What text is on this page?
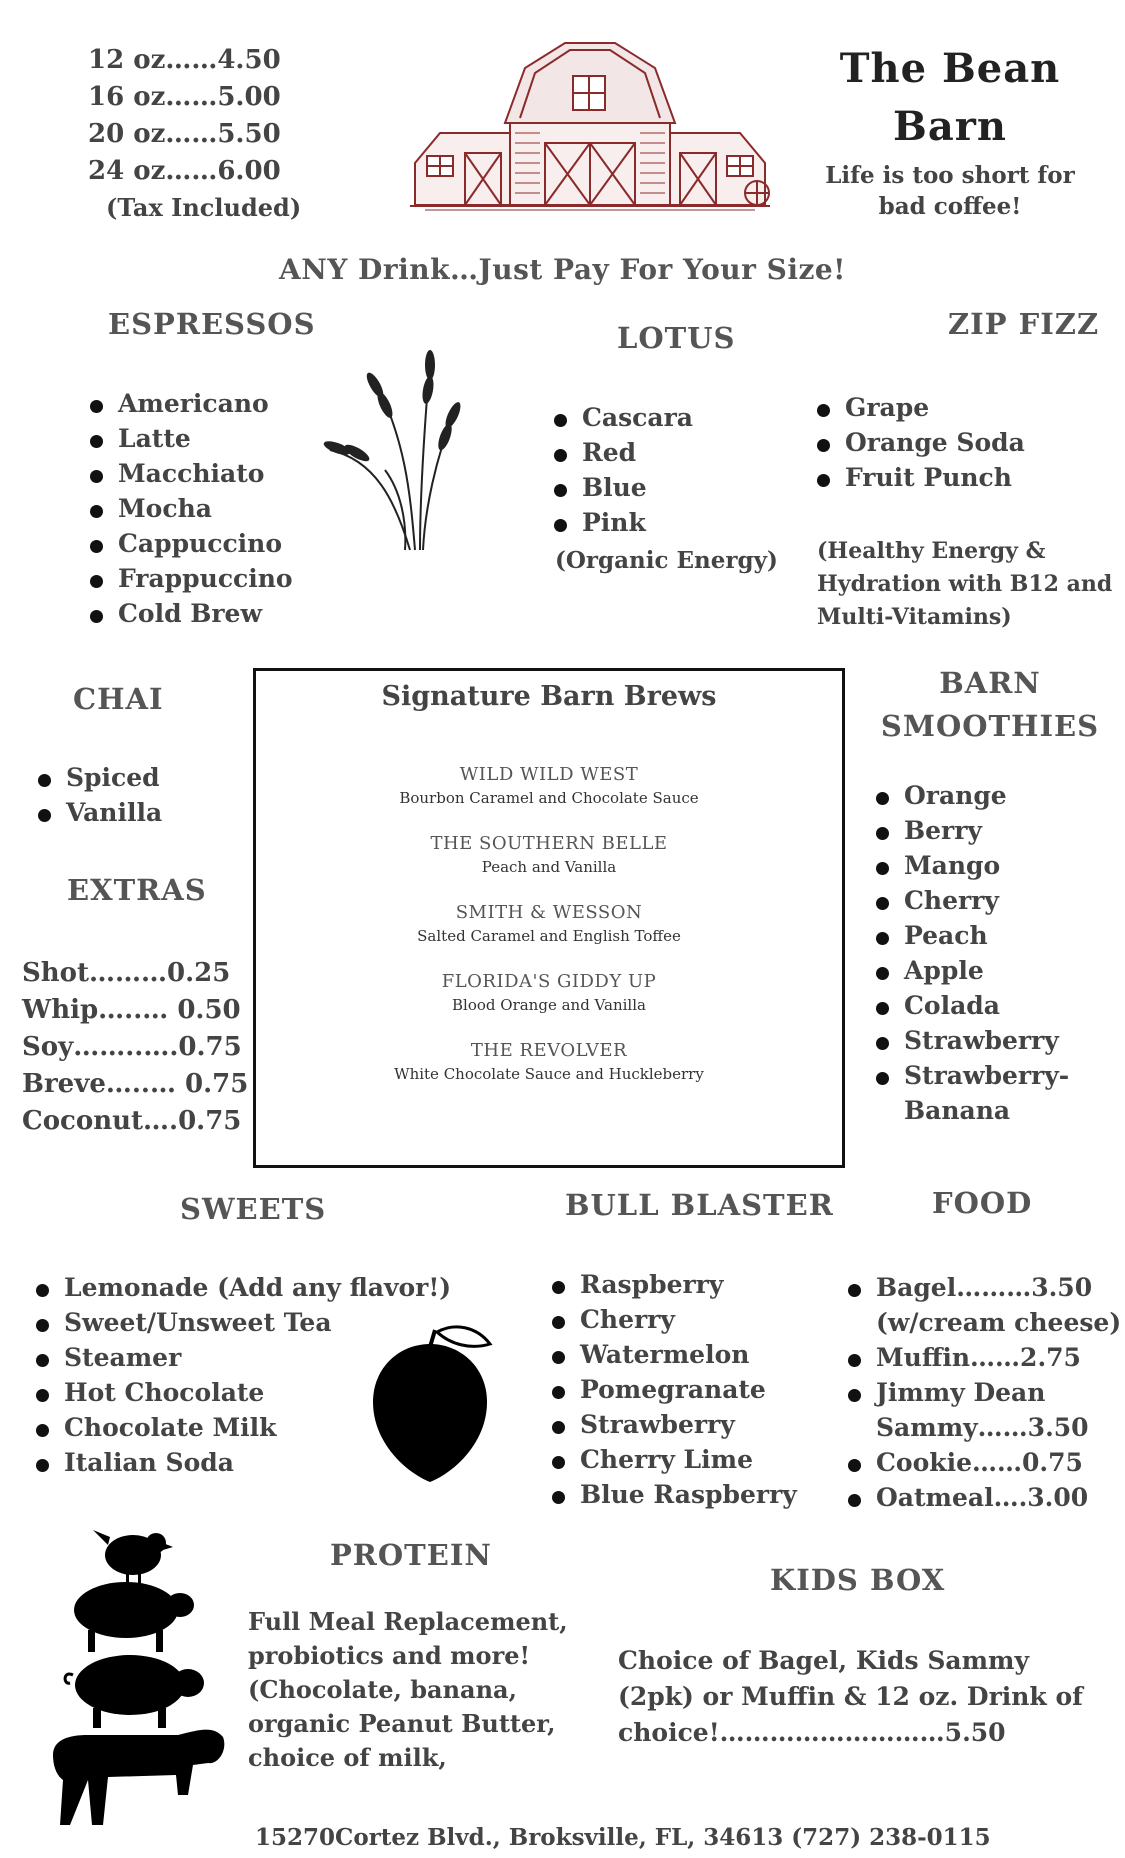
12 oz……4.50
16 oz……5.00
20 oz……5.50
24 oz……6.00
(Tax Included)
The Bean
Barn
Life is too short for bad coffee!
ANY Drink…Just Pay For Your Size!
ESPRESSOS
Americano
Latte
Macchiato
Mocha
Cappuccino
Frappuccino
Cold Brew
LOTUS
Cascara
Red
Blue
Pink
(Organic Energy)
ZIP FIZZ
Grape
Orange Soda
Fruit Punch
(Healthy Energy &
Hydration with B12 and
Multi-Vitamins)
CHAI
Spiced
Vanilla
EXTRAS
Shot………0.25
Whip…..… 0.50
Soy……..….0.75
Breve…..… 0.75
Coconut….0.75
Signature Barn Brews
WILD WILD WEST
Bourbon Caramel and Chocolate Sauce
THE SOUTHERN BELLE
Peach and Vanilla
SMITH & WESSON
Salted Caramel and English Toffee
FLORIDA'S GIDDY UP
Blood Orange and Vanilla
THE REVOLVER
White Chocolate Sauce and Huckleberry
BARN
SMOOTHIES
Orange
Berry
Mango
Cherry
Peach
Apple
Colada
Strawberry
Strawberry-
Banana
SWEETS
Lemonade (Add any flavor!)
Sweet/Unsweet Tea
Steamer
Hot Chocolate
Chocolate Milk
Italian Soda
BULL BLASTER
Raspberry
Cherry
Watermelon
Pomegranate
Strawberry
Cherry Lime
Blue Raspberry
FOOD
Bagel………3.50
(w/cream cheese)
Muffin……2.75
Jimmy Dean
Sammy……3.50
Cookie……0.75
Oatmeal….3.00
PROTEIN
Full Meal Replacement,
probiotics and more!
(Chocolate, banana,
organic Peanut Butter,
choice of milk,
KIDS BOX
Choice of Bagel, Kids Sammy
(2pk) or Muffin & 12 oz. Drink of
choice!………………………5.50
15270Cortez Blvd., Broksville, FL, 34613 (727) 238-0115
